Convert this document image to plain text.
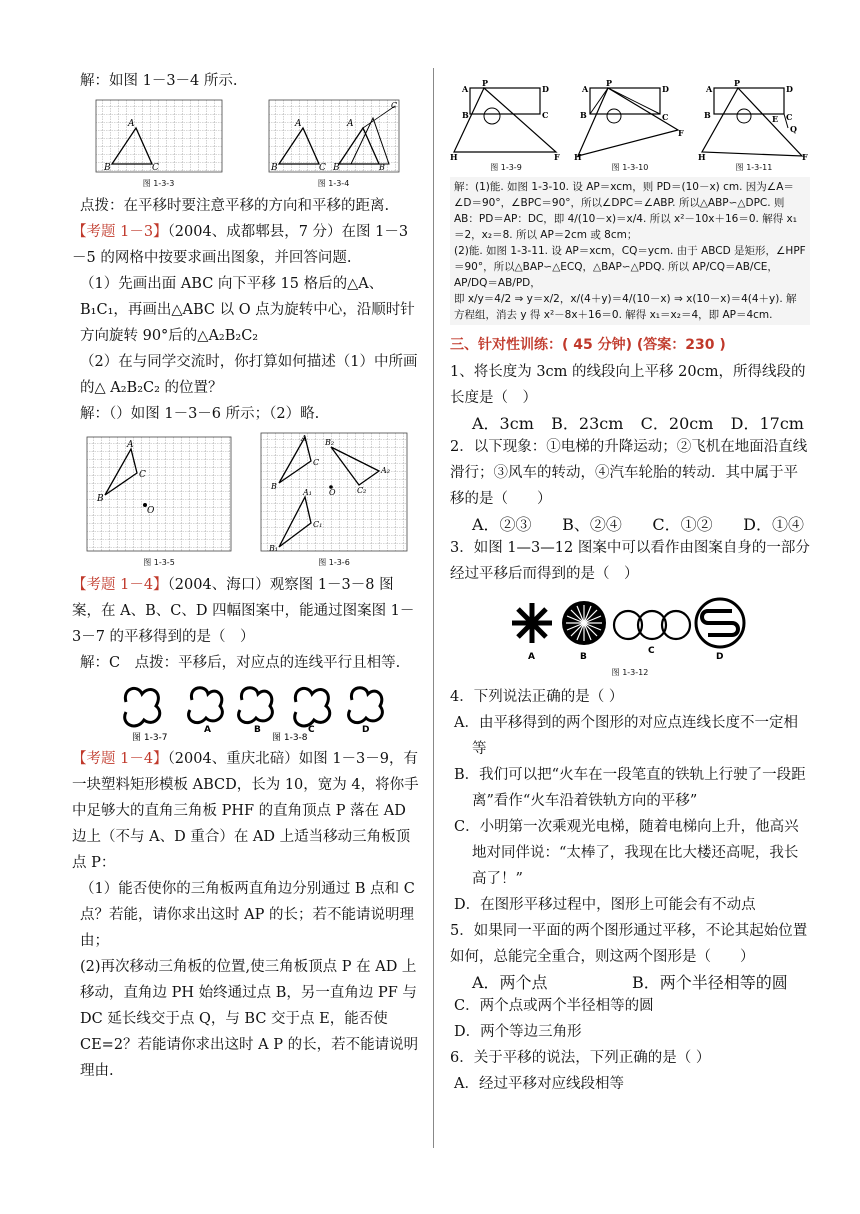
解：如图 1－3－4 所示.

A
B	C
图 1-3-3
A
B	C
A
C
B	B
图 1-3-4

点拨：在平移时要注意平移的方向和平移的距离.

【考题 1－3】（2004、成都郫县，7 分）在图 1－3－5 的网格中按要求画出图象，并回答问题.

（1）先画出面 ABC 向下平移 15 格后的△A、B₁C₁，再画出△ABC 以 O 点为旋转中心，沿顺时针方向旋转 90°后的△A₂B₂C₂

（2）在与同学交流时，你打算如何描述（1）中所画的△ A₂B₂C₂ 的位置？

解：（）如图 1－3－6 所示；（2）略.

A
B
C
O
图 1-3-5
A
B
C
B₂
A₂
C₂
O
A₁
C₁
B₁
图 1-3-6

【考题 1－4】（2004、海口）观察图 1－3－8 图案，在 A、B、C、D 四幅图案中，能通过图案图 1－3－7 的平移得到的是（　）

解：C　点拨：平移后，对应点的连线平行且相等.

图 1-3-7
A	B	C	D
图 1-3-8

【考题 1－4】（2004、重庆北碚）如图 1－3－9，有一块塑料矩形模板 ABCD，长为 10，宽为 4，将你手中足够大的直角三角板 PHF 的直角顶点 P 落在 AD 边上（不与 A、D 重合）在 AD 上适当移动三角板顶点 P：

（1）能否使你的三角板两直角边分别通过 B 点和 C 点？若能，请你求出这时 AP 的长；若不能请说明理由；

(2)再次移动三角板的位置,使三角板顶点 P 在 AD 上移动，直角边 PH 始终通过点 B，另一直角边 PF 与 DC 延长线交于点 Q，与 BC 交于点 E，能否使 CE=2？若能请你求出这时 A P 的长，若不能请说明理由.

A
P
D
B	C
H	F
图 1-3-9
A
P
D
B	C
H
F
图 1-3-10
A
P
D
B	E C
Q
H	F
图 1-3-11
解：(1)能. 如图 1-3-10. 设 AP＝xcm，则 PD＝(10－x) cm. 因为∠A＝∠D＝90°，∠BPC＝90°，所以∠DPC＝∠ABP. 所以△ABP∽△DPC. 则 AB：PD＝AP：DC，即 4/(10－x)＝x/4. 所以 x²－10x＋16＝0. 解得 x₁＝2，x₂＝8. 所以 AP＝2cm 或 8cm；
(2)能. 如图 1-3-11. 设 AP＝xcm，CQ＝ycm. 由于 ABCD 是矩形，∠HPF＝90°，所以△BAP∽△ECQ，△BAP∽△PDQ. 所以 AP/CQ＝AB/CE，AP/DQ＝AB/PD，
即 x/y＝4/2 ⇒ y＝x/2，x/(4＋y)＝4/(10－x) ⇒ x(10－x)＝4(4＋y). 解方程组，消去 y 得 x²－8x＋16＝0. 解得 x₁＝x₂＝4，即 AP＝4cm.
三、针对性训练：( 45 分钟) (答案：230 )

1、将长度为 3cm 的线段向上平移 20cm，所得线段的长度是（　）

A．3cm B．23cm C．20cm D．17cm

2．以下现象：①电梯的升降运动；②飞机在地面沿直线滑行；③风车的转动，④汽车轮胎的转动．其中属于平移的是（　　）

A．②③ B、②④ C．①② D．①④

3．如图 1—3—12 图案中可以看作由图案自身的一部分经过平移后而得到的是（　）

A	B
C
D
图 1-3-12

4．下列说法正确的是（ ）

A．由平移得到的两个图形的对应点连线长度不一定相等

B．我们可以把“火车在一段笔直的铁轨上行驶了一段距离”看作“火车沿着铁轨方向的平移”

C．小明第一次乘观光电梯，随着电梯向上升，他高兴地对同伴说：“太棒了，我现在比大楼还高呢，我长高了！”

D．在图形平移过程中，图形上可能会有不动点

5．如果同一平面的两个图形通过平移，不论其起始位置如何，总能完全重合，则这两个图形是（　　）

A．两个点	B．两个半径相等的圆

C．两个点或两个半径相等的圆

D．两个等边三角形

6．关于平移的说法，下列正确的是（ ）

A．经过平移对应线段相等
